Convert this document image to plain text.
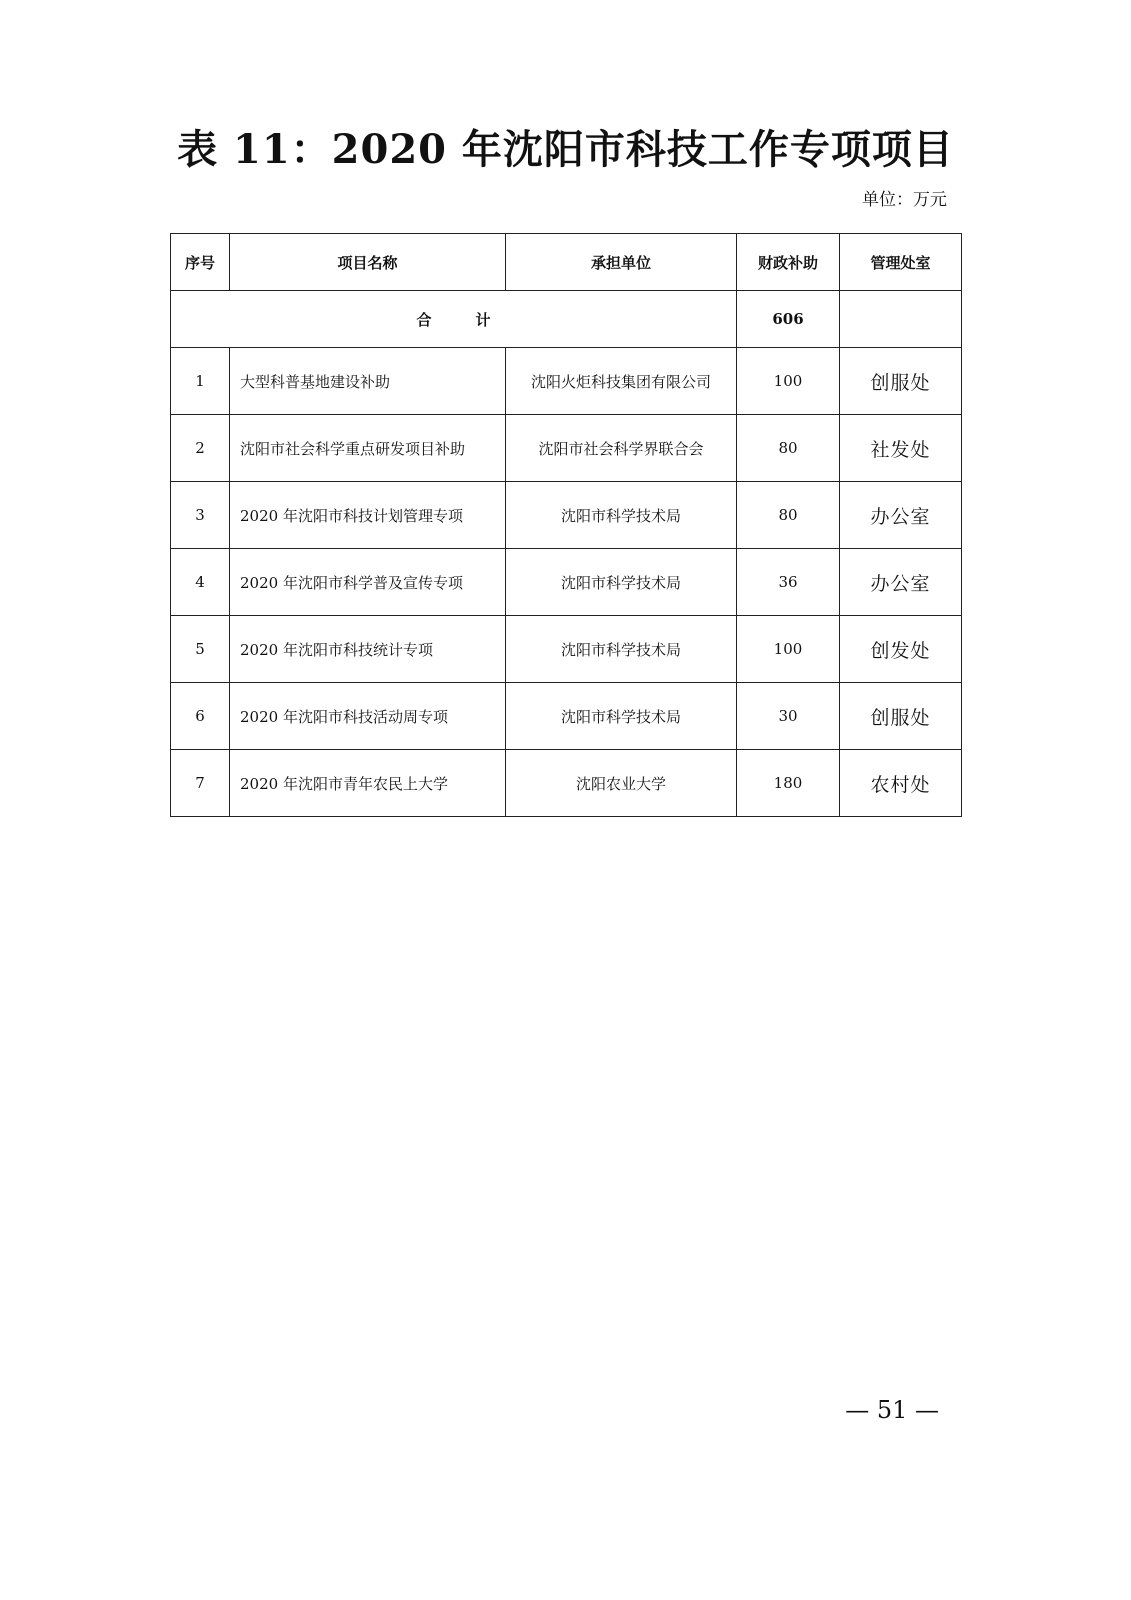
表 11：2020 年沈阳市科技工作专项项目
单位：万元
序号	项目名称	承担单位	财政补助	管理处室
合 计			606	
1	大型科普基地建设补助	沈阳火炬科技集团有限公司	100	创服处
2	沈阳市社会科学重点研发项目补助	沈阳市社会科学界联合会	80	社发处
3	2020 年沈阳市科技计划管理专项	沈阳市科学技术局	80	办公室
4	2020 年沈阳市科学普及宣传专项	沈阳市科学技术局	36	办公室
5	2020 年沈阳市科技统计专项	沈阳市科学技术局	100	创发处
6	2020 年沈阳市科技活动周专项	沈阳市科学技术局	30	创服处
7	2020 年沈阳市青年农民上大学	沈阳农业大学	180	农村处
— 51 —
